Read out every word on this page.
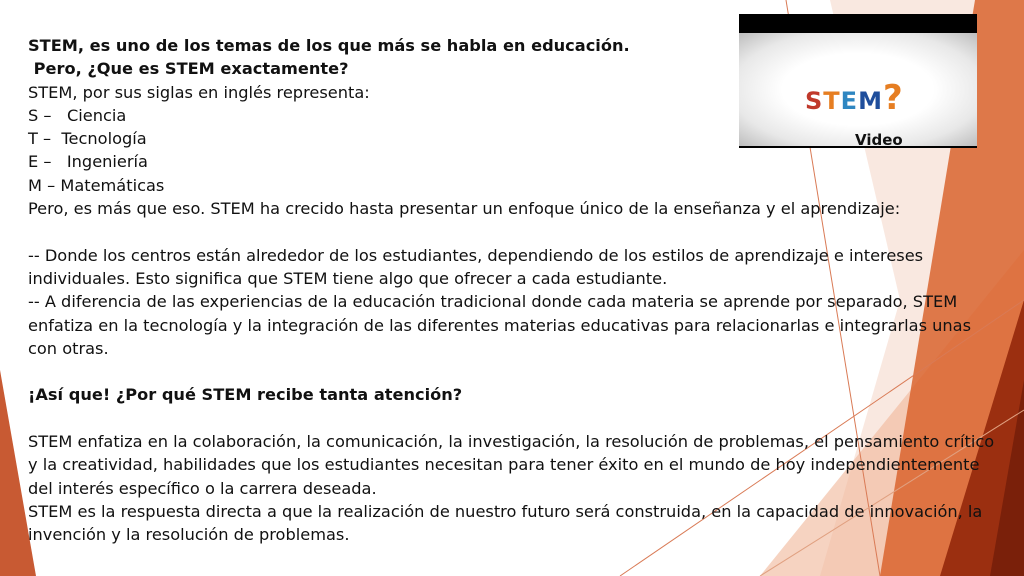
STEM?
Video
STEM, es uno de los temas de los que más se habla en educación.
Pero, ¿Que es STEM exactamente?
STEM, por sus siglas en inglés representa:
S –   Ciencia
T –  Tecnología
E –   Ingeniería
M – Matemáticas
Pero, es más que eso. STEM ha crecido hasta presentar un enfoque único de la enseñanza y el aprendizaje:
-- Donde los centros están alrededor de los estudiantes, dependiendo de los estilos de aprendizaje e intereses individuales. Esto significa que STEM tiene algo que ofrecer a cada estudiante.
-- A diferencia de las experiencias de la educación tradicional donde cada materia se aprende por separado, STEM enfatiza en la tecnología y la integración de las diferentes materias educativas para relacionarlas e integrarlas unas con otras.
¡Así que! ¿Por qué STEM recibe tanta atención?
STEM enfatiza en la colaboración, la comunicación, la investigación, la resolución de problemas, el pensamiento crítico y la creatividad, habilidades que los estudiantes necesitan para tener éxito en el mundo de hoy independientemente del interés específico o la carrera deseada.
STEM es la respuesta directa a que la realización de nuestro futuro será construida, en la capacidad de innovación, la invención y la resolución de problemas.
